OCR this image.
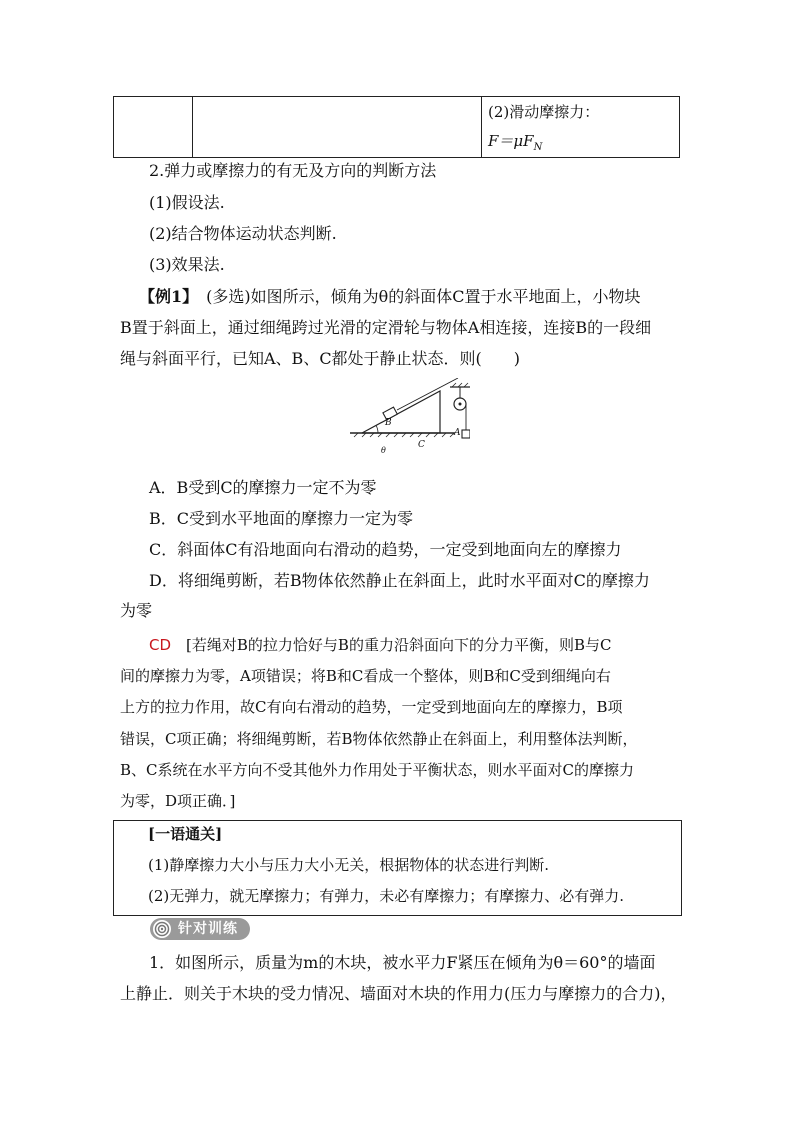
(2)滑动摩擦力：
$F=\mu F_N$
2.弹力或摩擦力的有无及方向的判断方法
(1)假设法.
(2)结合物体运动状态判断.
(3)效果法.
【例1】　 (多选)如图所示，倾角为θ的斜面体C置于水平地面上，小物块
B置于斜面上，通过细绳跨过光滑的定滑轮与物体A相连接，连接B的一段细
绳与斜面平行，已知A、B、C都处于静止状态．则(　　)
B
C
A
θ
A．B受到C的摩擦力一定不为零
B．C受到水平地面的摩擦力一定为零
C．斜面体C有沿地面向右滑动的趋势，一定受到地面向左的摩擦力
D．将细绳剪断，若B物体依然静止在斜面上，此时水平面对C的摩擦力
为零
CD　 [若绳对B的拉力恰好与B的重力沿斜面向下的分力平衡，则B与C
间的摩擦力为零，A项错误；将B和C看成一个整体，则B和C受到细绳向右
上方的拉力作用，故C有向右滑动的趋势，一定受到地面向左的摩擦力，B项
错误，C项正确；将细绳剪断，若B物体依然静止在斜面上，利用整体法判断，
B、C系统在水平方向不受其他外力作用处于平衡状态，则水平面对C的摩擦力
为零，D项正确．]
[一语通关]
(1)静摩擦力大小与压力大小无关，根据物体的状态进行判断.
(2)无弹力，就无摩擦力；有弹力，未必有摩擦力；有摩擦力、必有弹力.
针对训练
1．如图所示，质量为m的木块，被水平力F紧压在倾角为θ＝60°的墙面
上静止．则关于木块的受力情况、墙面对木块的作用力(压力与摩擦力的合力)，
